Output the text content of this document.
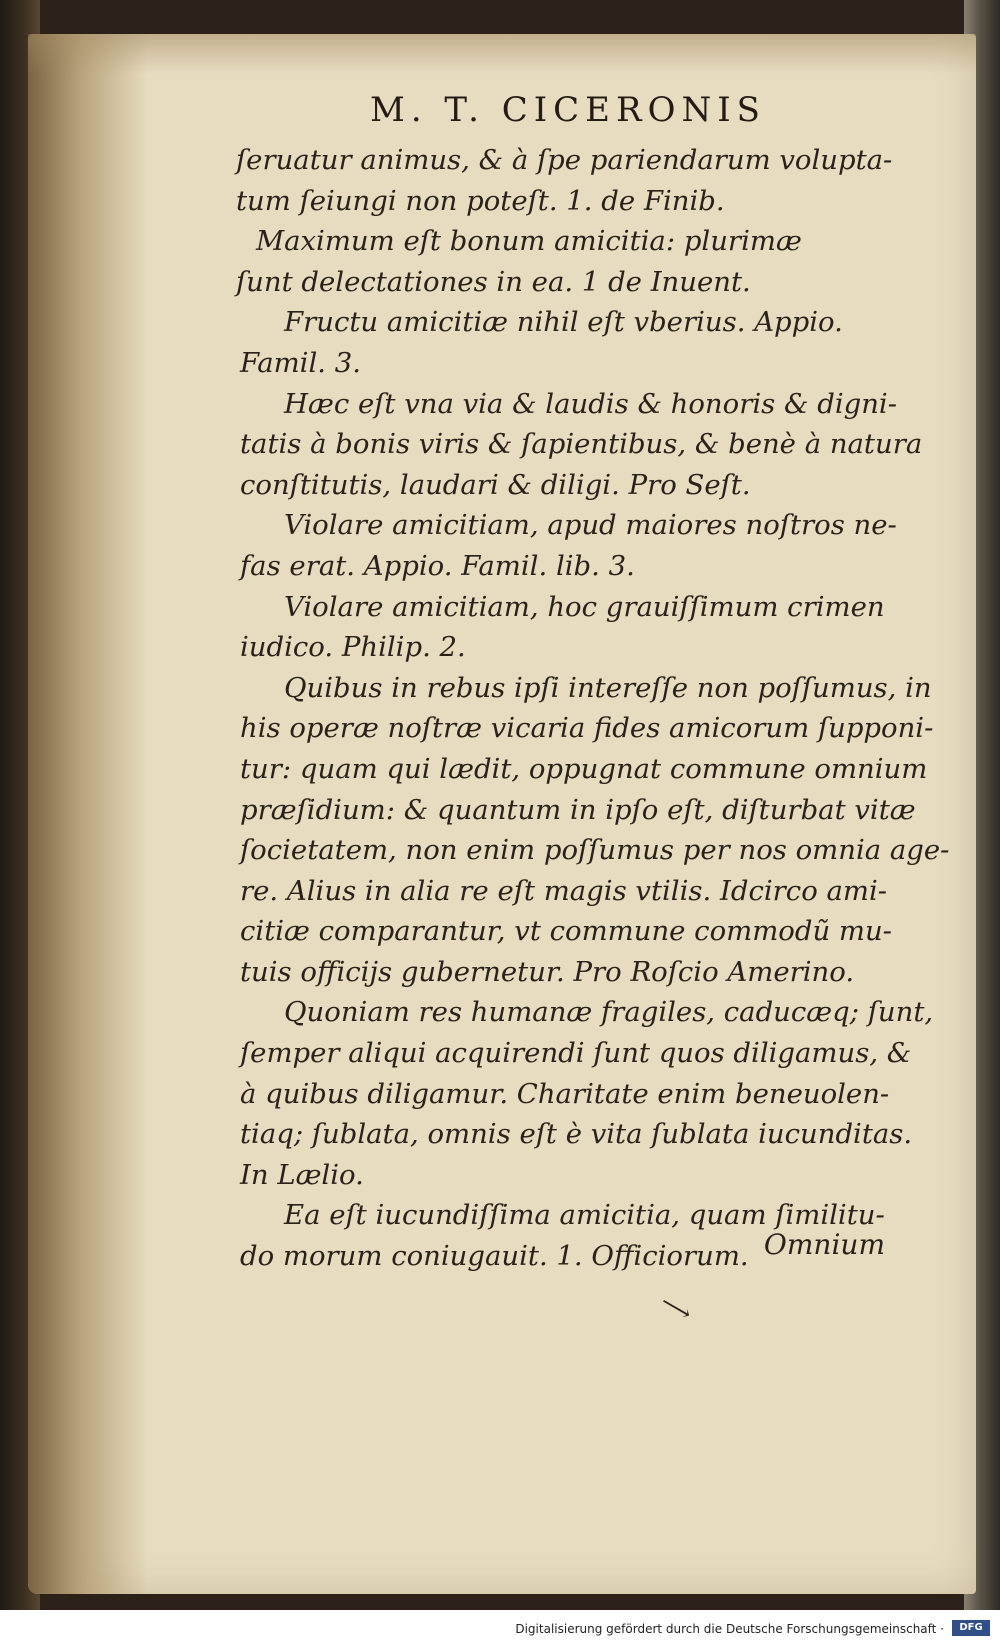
M. T. CICERONIS
ſeruatur animus, & à ſpe pariendarum volupta-
tum ſeiungi non poteſt. 1. de Finib.
Maximum eſt bonum amicitia: plurimæ
ſunt delectationes in ea. 1 de Inuent.
Fructu amicitiæ nihil eſt vberius. Appio.
Famil. 3.
Hæc eſt vna via & laudis & honoris & digni-
tatis à bonis viris & ſapientibus, & benè à natura
conſtitutis, laudari & diligi. Pro Seſt.
Violare amicitiam, apud maiores noſtros ne-
fas erat. Appio. Famil. lib. 3.
Violare amicitiam, hoc grauiſſimum crimen
iudico. Philip. 2.
Quibus in rebus ipſi intereſſe non poſſumus, in
his operæ noſtræ vicaria fides amicorum ſupponi-
tur: quam qui lædit, oppugnat commune omnium
præſidium: & quantum in ipſo eſt, diſturbat vitæ
ſocietatem, non enim poſſumus per nos omnia age-
re. Alius in alia re eſt magis vtilis. Idcirco ami-
citiæ comparantur, vt commune commodũ mu-
tuis officijs gubernetur. Pro Roſcio Amerino.
Quoniam res humanæ fragiles, caducæq; ſunt,
ſemper aliqui acquirendi ſunt quos diligamus, &
à quibus diligamur. Charitate enim beneuolen-
tiaq; ſublata, omnis eſt è vita ſublata iucunditas.
In Lælio.
Ea eſt iucundiſſima amicitia, quam ſimilitu-
do morum coniugauit. 1. Officiorum. Omnium
⟶
Digitalisierung gefördert durch die Deutsche Forschungsgemeinschaft ·	DFG
